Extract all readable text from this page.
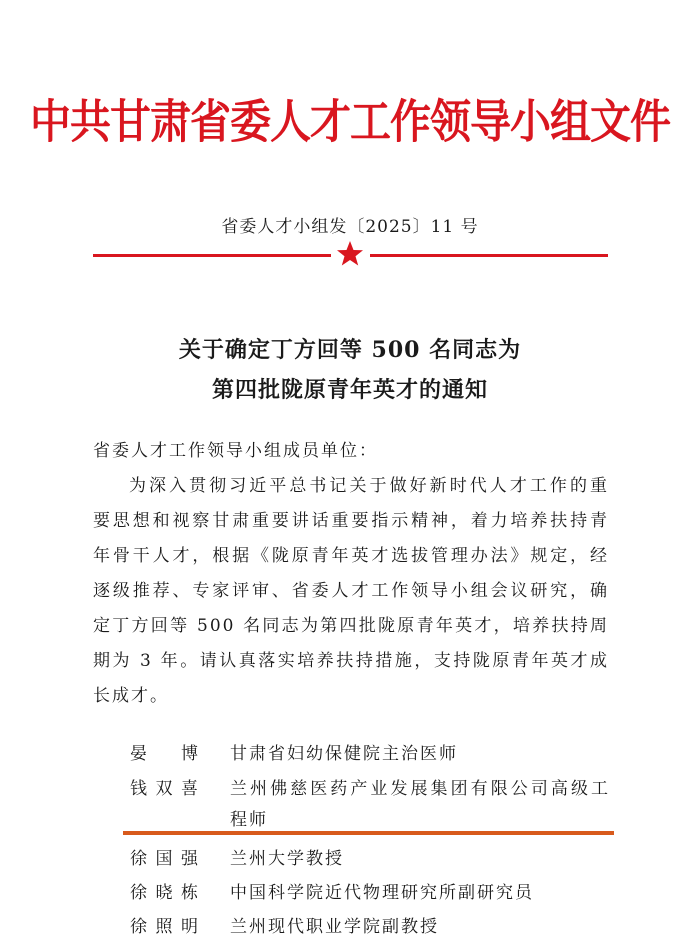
中共甘肃省委人才工作领导小组文件
省委人才小组发〔2025〕11 号
关于确定丁方回等 500 名同志为
第四批陇原青年英才的通知
省委人才工作领导小组成员单位：
为深入贯彻习近平总书记关于做好新时代人才工作的重
要思想和视察甘肃重要讲话重要指示精神，着力培养扶持青
年骨干人才，根据《陇原青年英才选拔管理办法》规定，经
逐级推荐、专家评审、省委人才工作领导小组会议研究，确
定丁方回等 500 名同志为第四批陇原青年英才，培养扶持周
期为 3 年。请认真落实培养扶持措施，支持陇原青年英才成
长成才。
晏博 甘肃省妇幼保健院主治医师
钱双喜 兰州佛慈医药产业发展集团有限公司高级工
程师
徐国强 兰州大学教授
徐晓栋 中国科学院近代物理研究所副研究员
徐照明 兰州现代职业学院副教授
